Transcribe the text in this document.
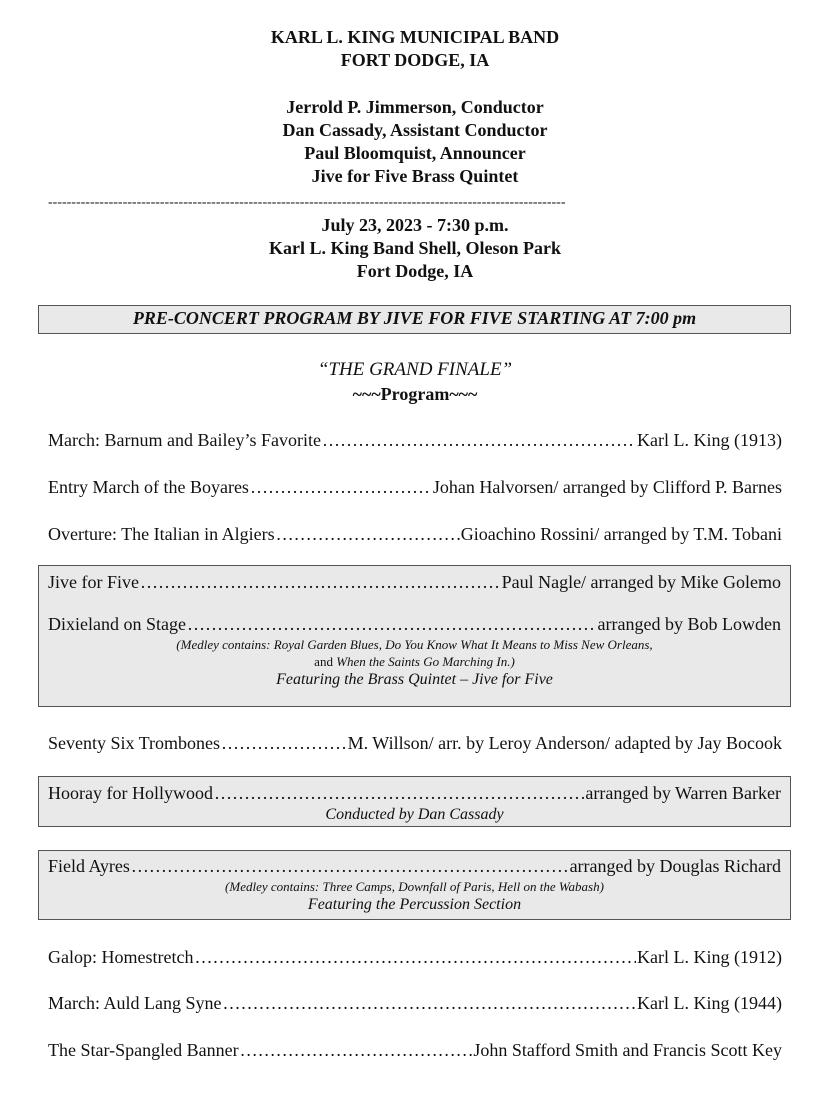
KARL L. KING MUNICIPAL BAND
FORT DODGE, IA
Jerrold P. Jimmerson, Conductor
Dan Cassady, Assistant Conductor
Paul Bloomquist, Announcer
Jive for Five Brass Quintet
---------------------------------------------------------------------------------------------------------------
July 23, 2023 - 7:30 p.m.
Karl L. King Band Shell, Oleson Park
Fort Dodge, IA
PRE-CONCERT PROGRAM BY JIVE FOR FIVE STARTING AT 7:00 pm
“THE GRAND FINALE”
~~~Program~~~
March: Barnum and Bailey’s Favorite ………………………………………………………………………………………………………………………………………………	Karl L. King (1913)
Entry March of the Boyares ………………………………………………………………………………………………………………………………………………	Johan Halvorsen/ arranged by Clifford P. Barnes
Overture: The Italian in Algiers ………………………………………………………………………………………………………………………………………………	Gioachino Rossini/ arranged by T.M. Tobani
Jive for Five ………………………………………………………………………………………………………………………………………………	Paul Nagle/ arranged by Mike Golemo
Dixieland on Stage ………………………………………………………………………………………………………………………………………………	arranged by Bob Lowden
(Medley contains: Royal Garden Blues, Do You Know What It Means to Miss New Orleans,
and When the Saints Go Marching In.)
Featuring the Brass Quintet – Jive for Five
Seventy Six Trombones ………………………………………………………………………………………………………………………………………………	M. Willson/ arr. by Leroy Anderson/ adapted by Jay Bocook
Hooray for Hollywood ………………………………………………………………………………………………………………………………………………	arranged by Warren Barker
Conducted by Dan Cassady
Field Ayres ………………………………………………………………………………………………………………………………………………	arranged by Douglas Richard
(Medley contains: Three Camps, Downfall of Paris, Hell on the Wabash)
Featuring the Percussion Section
Galop: Homestretch ………………………………………………………………………………………………………………………………………………	Karl L. King (1912)
March: Auld Lang Syne ………………………………………………………………………………………………………………………………………………	Karl L. King (1944)
The Star-Spangled Banner ………………………………………………………………………………………………………………………………………………	John Stafford Smith and Francis Scott Key
